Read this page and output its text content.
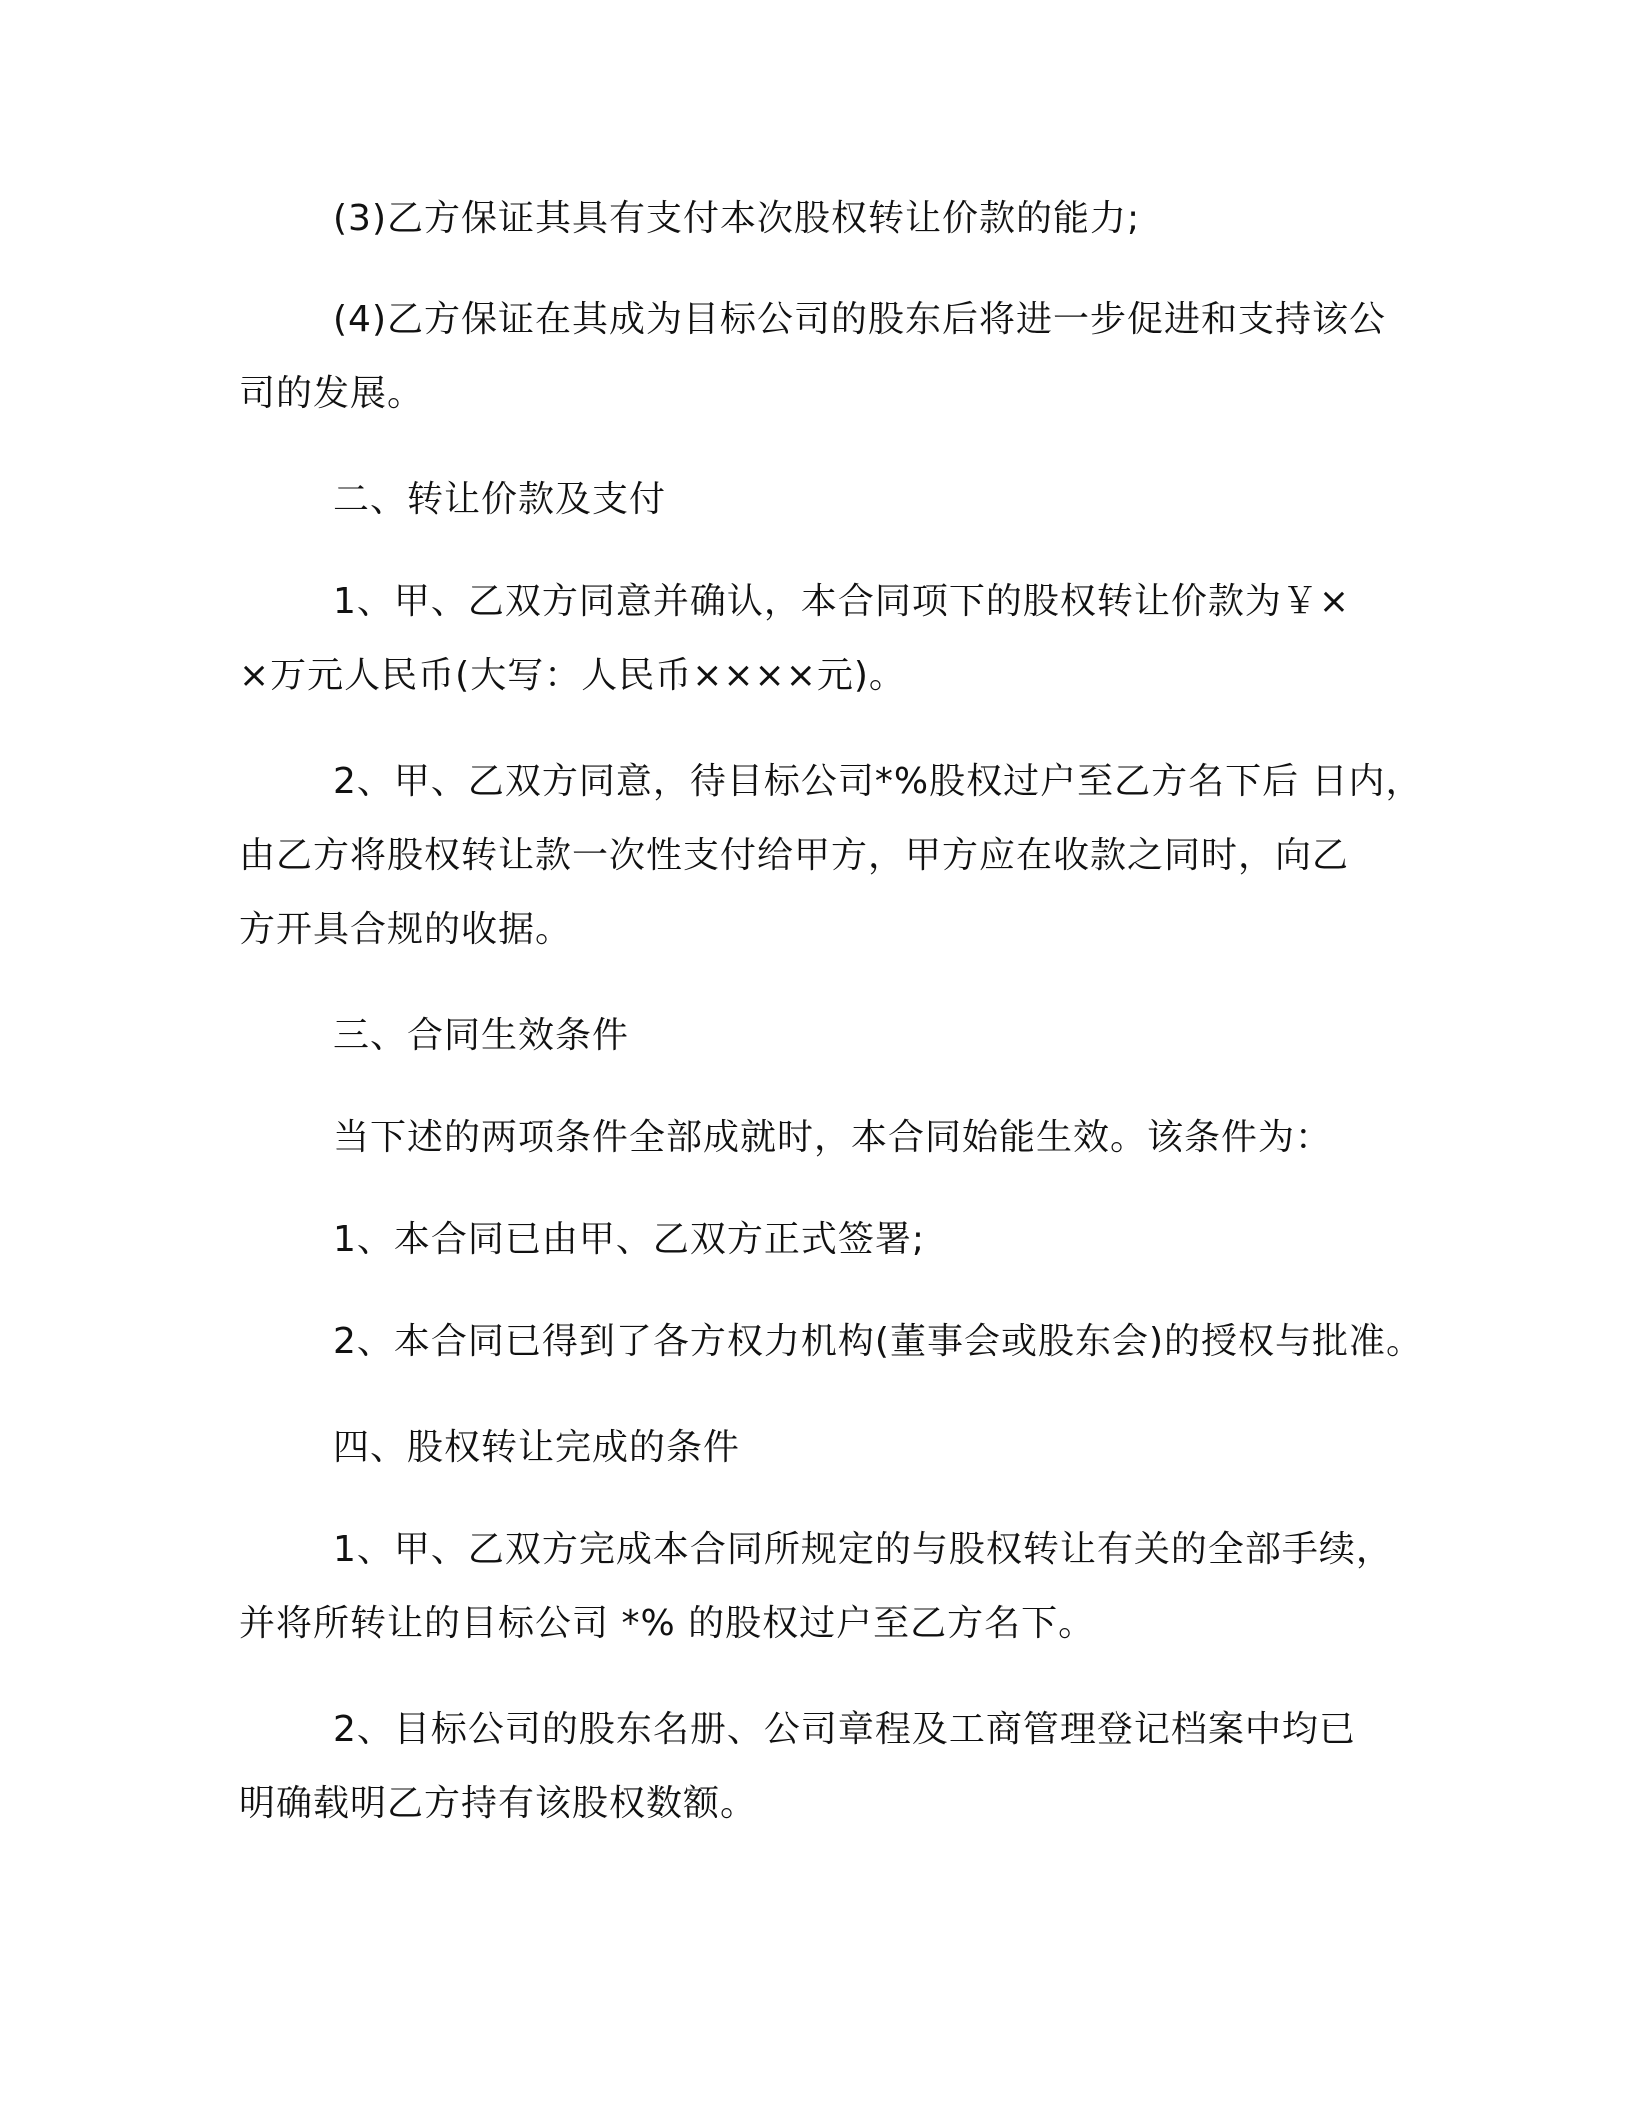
(3)乙方保证其具有支付本次股权转让价款的能力;
(4)乙方保证在其成为目标公司的股东后将进一步促进和支持该公
司的发展。
二、转让价款及支付
1、甲、乙双方同意并确认，本合同项下的股权转让价款为￥×
×万元人民币(大写：人民币××××元)。
2、甲、乙双方同意，待目标公司*%股权过户至乙方名下后 日内，
由乙方将股权转让款一次性支付给甲方，甲方应在收款之同时，向乙
方开具合规的收据。
三、合同生效条件
当下述的两项条件全部成就时，本合同始能生效。该条件为：
1、本合同已由甲、乙双方正式签署;
2、本合同已得到了各方权力机构(董事会或股东会)的授权与批准。
四、股权转让完成的条件
1、甲、乙双方完成本合同所规定的与股权转让有关的全部手续，
并将所转让的目标公司 *% 的股权过户至乙方名下。
2、目标公司的股东名册、公司章程及工商管理登记档案中均已
明确载明乙方持有该股权数额。
